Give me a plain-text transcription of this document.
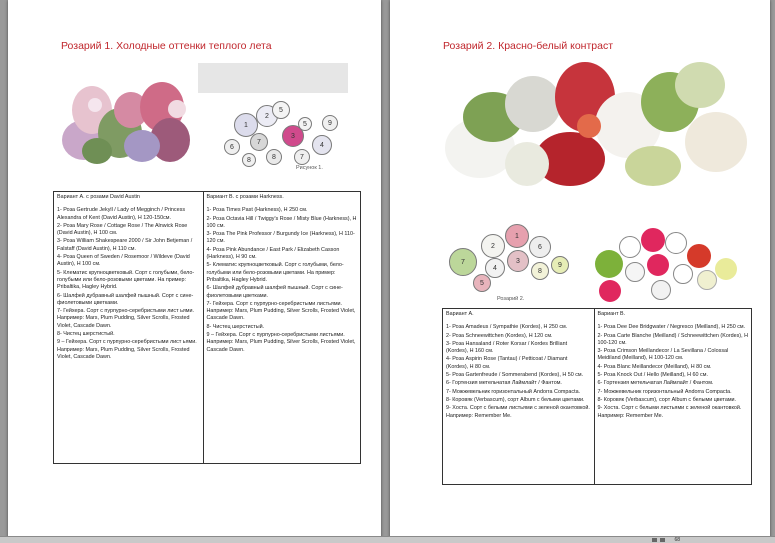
Розарий 1. Холодные оттенки теплого лета
1
2
3
4
5
5
6
7
7
8
8
9
Рисунок 1.
Вариант А. с розами David Austin
1- Роза Gertrude Jekyll / Lady of Megginch / Princess Alexandra of Kent (David Austin), H 120-150см.
2- Роза Mary Rose / Cottage Rose / The Alnwick Rose (David Austin), H 100 см.
3- Роза William Shakespeare 2000 / Sir John Betjeman / Falstaff (David Austin), H 110 см.
4- Роза Queen of Sweden / Rosemoor / Wildeve (David Austin), H 100 см.
5- Клематис крупноцветковый. Сорт с голубыми, бело-голубыми или бело-розовыми цветами. На пример: Pribaltika, Hagley Hybrid.
6- Шалфей дубравный шалфей пышный. Сорт с сине-фиолетовыми цветками.
7- Гейхера. Сорт с пурпурно-серебристыми лист ьями. Например: Mars, Plum Pudding, Silver Scrolls, Frosted Violet, Cascade Dawn.
8- Чистец шерстистый.
9 – Гейхера. Сорт с пурпурно-серебристыми лист ьями. Например: Mars, Plum Pudding, Silver Scrolls, Frosted Violet, Cascade Dawn.

Вариант В. с розами Harkness.
1- Роза Times Past (Harkness), H 250 см.
2- Роза Octavia Hill / Twiggy's Rose / Misty Blue (Harkness), H 100 см.
3- Роза The Pink Professor / Burgundy Ice (Harkness), H 110-120 см.
4- Роза Pink Abundance / East Park / Elizabeth Casson (Harkness), H 90 см.
5- Клематис крупноцветковый. Сорт с голубыми, бело-голубыми или бело-розовыми цветами. На пример: Pribaltika, Hagley Hybrid.
6- Шалфей дубравный шалфей пышный. Сорт с сине-фиолетовыми цветками.
7- Гейхера. Сорт с пурпурно-серебристыми листьями. Например: Mars, Plum Pudding, Silver Scrolls, Frosted Violet, Cascade Dawn.
8- Чистец шерстистый.
9 – Гейхера. Сорт с пурпурно-серебристыми листьями. Например: Mars, Plum Pudding, Silver Scrolls, Frosted Violet, Cascade Dawn.
Розарий 2. Красно-белый контраст
1
2
3
4
5
6
7
8
9
Розарий 2.
Вариант А.
1- Роза Amadeus / Sympathie (Kordes), H 250 см.
2- Роза Schneewittchen (Kordes), H 120 см.
3- Роза Hansaland / Roter Korsar / Kordes Brilliant (Kordes), H 160 см.
4- Роза Aspirin Rose (Tantau) / Petticoat / Diamant (Kordes), H 80 см.
5- Роза Gartenfreude / Sommerabend (Kordes), H 50 см.
6- Гортензия метельчатая Лаймлайт / Фантом.
7- Можжевельник горизонтальный Andorra Compacta.
8- Коровяк (Verbascum), сорт Album с белыми цветами.
9- Хоста. Сорт с белыми листьями с зеленой окантовкой. Например: Remember Me.

Вариант В.
1- Роза Dee Dee Bridgwater / Negresco (Meilland), H 250 см.
2- Роза Carte Blanche (Meilland) / Schneewittchen (Kordes), H 100-120 см.
3- Роза Crimson Meillandecor / La Sevillana / Colossal Meidiland (Meilland), H 100-120 см.
4- Роза Blanc Meillandecor (Meilland), H 80 см.
5- Роза Knock Out / Hello (Meilland), H 60 см.
6- Гортензия метельчатая Лаймлайт / Фантом.
7- Можжевельник горизонтальный Andorra Compacta.
8- Коровяк (Verbascum), сорт Album с белыми цветами.
9- Хоста. Сорт с белыми листьями с зеленой окантовкой. Например: Remember Me.
68
